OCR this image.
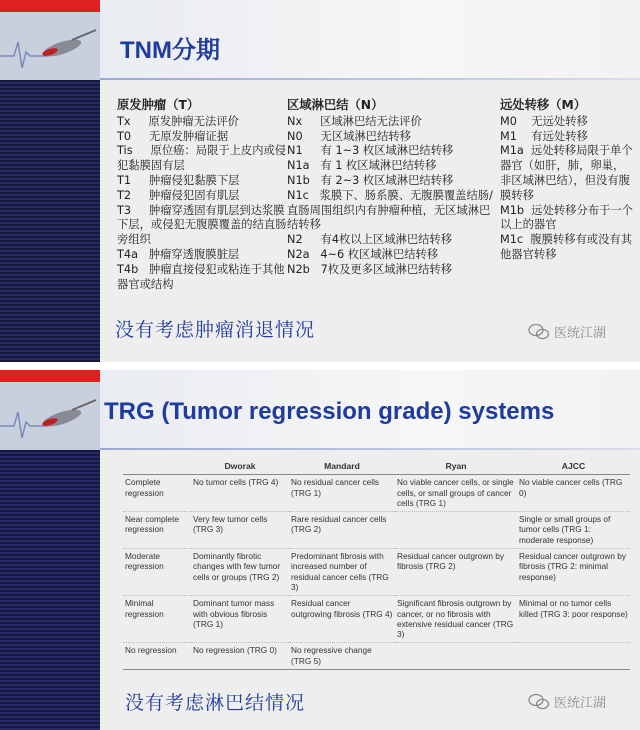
TNM分期
原发肿瘤（T）
Tx     原发肿瘤无法评价
T0     无原发肿瘤证据
Tis     原位癌：局限于上皮内或侵犯黏膜固有层
T1     肿瘤侵犯黏膜下层
T2     肿瘤侵犯固有肌层
T3     肿瘤穿透固有肌层到达浆膜下层，或侵犯无腹膜覆盖的结直肠旁组织
T4a   肿瘤穿透腹膜脏层
T4b   肿瘤直接侵犯或粘连于其他器官或结构
区域淋巴结（N）
Nx     区域淋巴结无法评价
N0     无区域淋巴结转移
N1     有 1~3 枚区域淋巴结转移
N1a   有 1 枚区域淋巴结转移
N1b   有 2~3 枚区域淋巴结转移
N1c   浆膜下、肠系膜、无腹膜覆盖结肠/直肠周围组织内有肿瘤种植，无区域淋巴结转移
N2     有4枚以上区域淋巴结转移
N2a   4~6 枚区域淋巴结转移
N2b   7枚及更多区域淋巴结转移
远处转移（M）
M0    无远处转移
M1    有远处转移
M1a  远处转移局限于单个器官（如肝，肺，卵巢，非区域淋巴结），但没有腹膜转移
M1b  远处转移分布于一个以上的器官
M1c  腹膜转移有或没有其他器官转移
没有考虑肿瘤消退情况	医统江湖
TRG (Tumor regression grade) systems
	Dworak	Mandard	Ryan	AJCC
Complete regression	No tumor cells (TRG 4)	No residual cancer cells (TRG 1)	No viable cancer cells, or single cells, or small groups of cancer cells (TRG 1)	No viable cancer cells (TRG 0)
Near complete regression	Very few tumor cells (TRG 3)	Rare residual cancer cells (TRG 2)		Single or small groups of tumor cells (TRG 1: moderate response)
Moderate regression	Dominantly fibrotic changes with few tumor cells or groups (TRG 2)	Predominant fibrosis with increased number of residual cancer cells (TRG 3)	Residual cancer outgrown by fibrosis (TRG 2)	Residual cancer outgrown by fibrosis (TRG 2: minimal response)
Minimal regression	Dominant tumor mass with obvious fibrosis (TRG 1)	Residual cancer outgrowing fibrosis (TRG 4)	Significant fibrosis outgrown by cancer, or no fibrosis with extensive residual cancer (TRG 3)	Minimal or no tumor cells killed (TRG 3: poor response)
No regression	No regression (TRG 0)	No regressive change (TRG 5)		
没有考虑淋巴结情况	医统江湖
